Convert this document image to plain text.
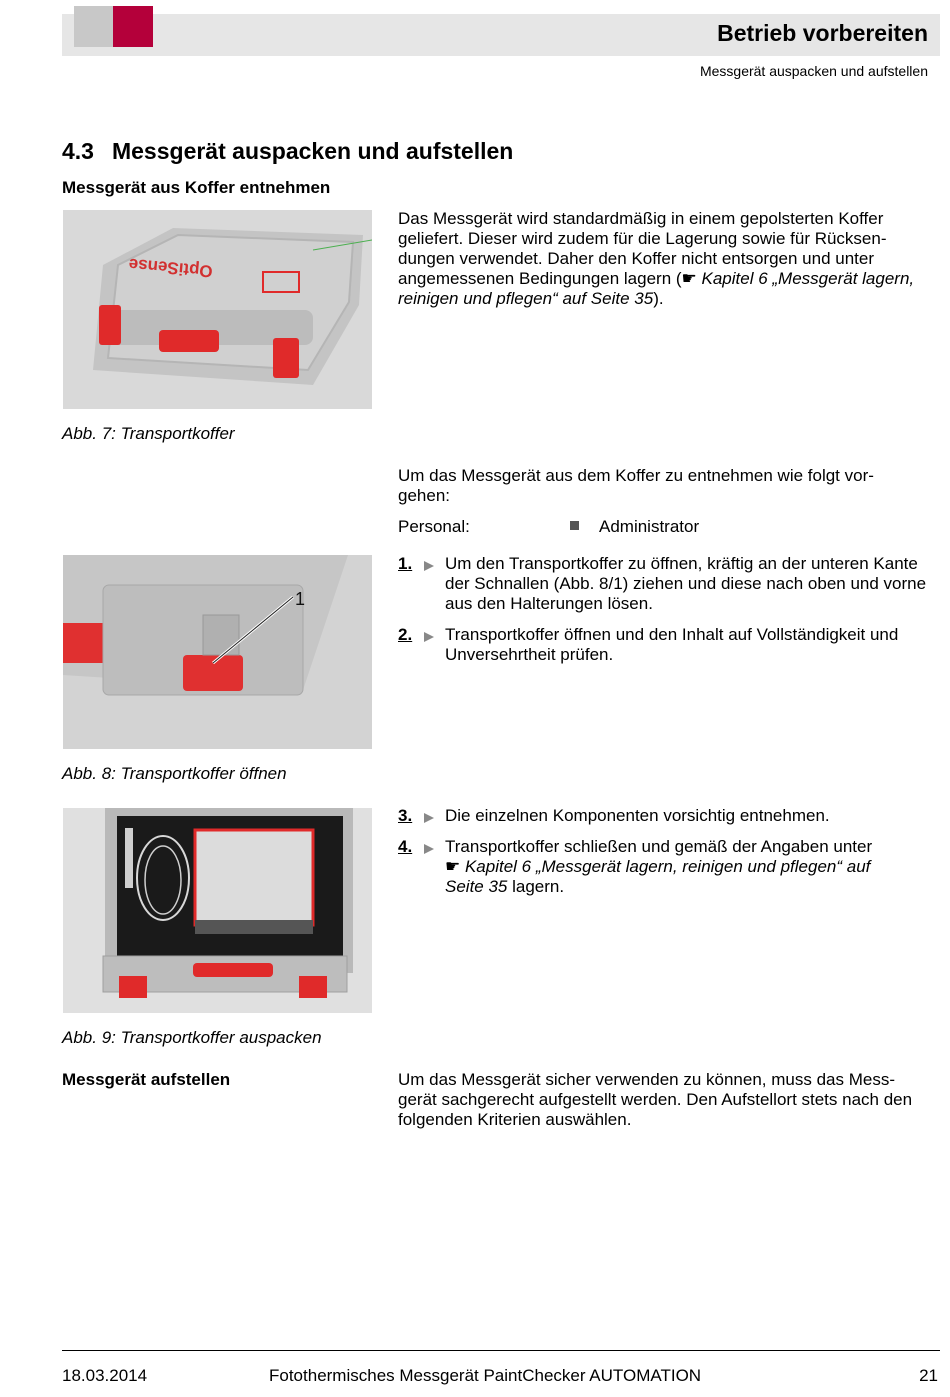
Betrieb vorbereiten
Messgerät auspacken und aufstellen
4.3 Messgerät auspacken und aufstellen
Messgerät aus Koffer entnehmen
OptiSense
Das Messgerät wird standardmäßig in einem gepolsterten Koffer geliefert. Dieser wird zudem für die Lagerung sowie für Rücksen-dungen verwendet. Daher den Koffer nicht entsorgen und unter angemessenen Bedingungen lagern (☛ Kapitel 6 „Messgerät lagern, reinigen und pflegen“ auf Seite 35).
Abb. 7: Transportkoffer
Um das Messgerät aus dem Koffer zu entnehmen wie folgt vor-gehen:
Personal:	Administrator
1
1. Um den Transportkoffer zu öffnen, kräftig an der unteren Kante der Schnallen (Abb. 8/1) ziehen und diese nach oben und vorne aus den Halterungen lösen.
2. Transportkoffer öffnen und den Inhalt auf Vollständigkeit und Unversehrtheit prüfen.
Abb. 8: Transportkoffer öffnen
3. Die einzelnen Komponenten vorsichtig entnehmen.
4. Transportkoffer schließen und gemäß der Angaben unter
☛ Kapitel 6 „Messgerät lagern, reinigen und pflegen“ auf Seite 35 lagern.
Abb. 9: Transportkoffer auspacken
Messgerät aufstellen	Um das Messgerät sicher verwenden zu können, muss das Mess-gerät sachgerecht aufgestellt werden. Den Aufstellort stets nach den folgenden Kriterien auswählen.
18.03.2014	Fotothermisches Messgerät PaintChecker AUTOMATION	21
